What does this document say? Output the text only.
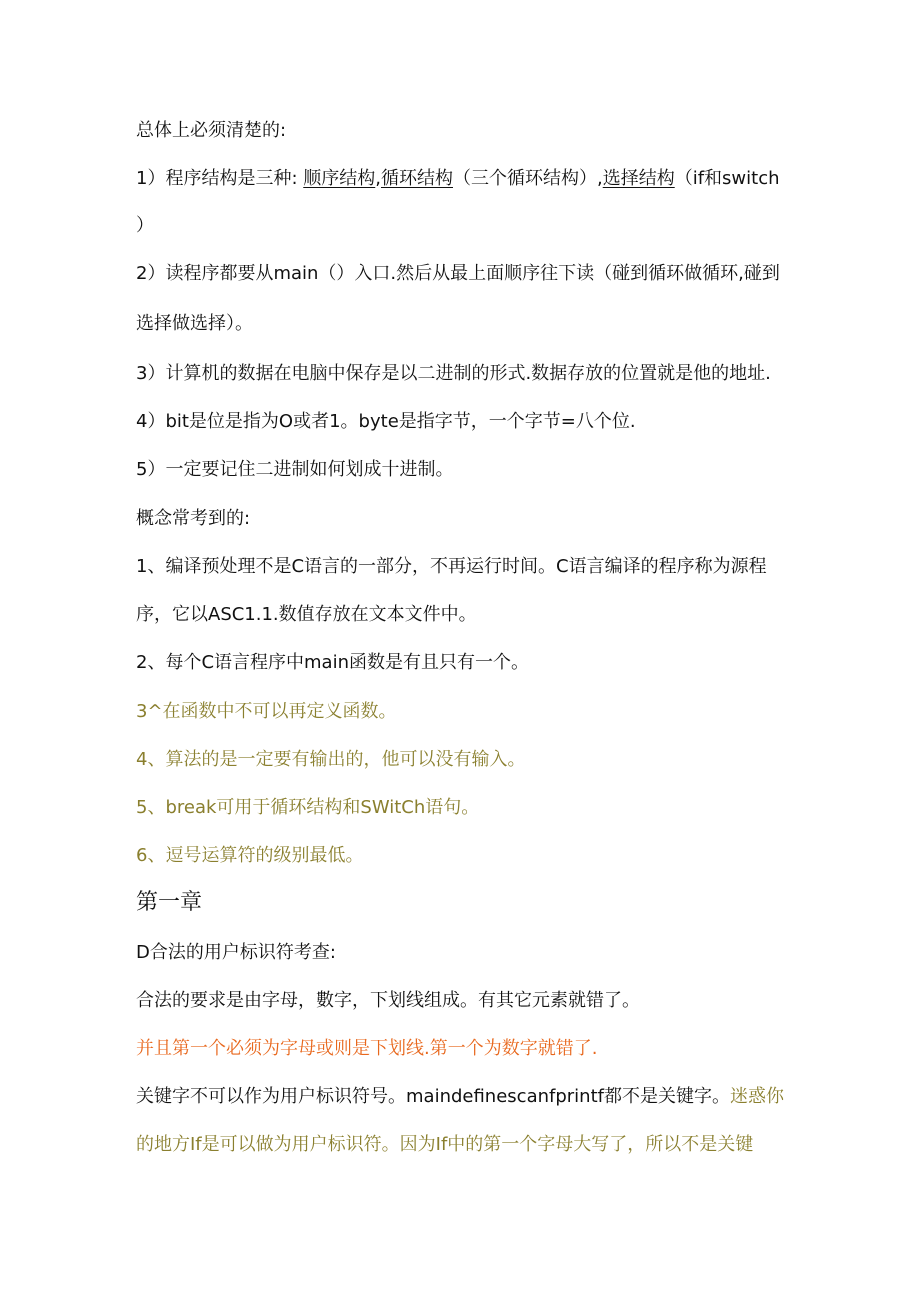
总体上必须清楚的:
1）程序结构是三种: 顺序结构,循环结构（三个循环结构）,选择结构（if和switch
）
2）读程序都要从main（）入口.然后从最上面顺序往下读（碰到循环做循环,碰到
选择做选择）。
3）计算机的数据在电脑中保存是以二进制的形式.数据存放的位置就是他的地址.
4）bit是位是指为O或者1。byte是指字节，一个字节=八个位.
5）一定要记住二进制如何划成十进制。
概念常考到的:
1、编译预处理不是C语言的一部分，不再运行时间。C语言编译的程序称为源程
序，它以ASC1.1.数值存放在文本文件中。
2、每个C语言程序中main函数是有且只有一个。
3^在函数中不可以再定义函数。
4、算法的是一定要有输出的，他可以没有输入。
5、break可用于循环结构和SWitCh语句。
6、逗号运算符的级别最低。
第一章
D合法的用户标识符考查:
合法的要求是由字母，數字，下划线组成。有其它元素就错了。
并且第一个必须为字母或则是下划线.第一个为数字就错了.
关键字不可以作为用户标识符号。maindefinescanfprintf都不是关键字。迷惑你
的地方If是可以做为用户标识符。因为If中的第一个字母大写了，所以不是关键
